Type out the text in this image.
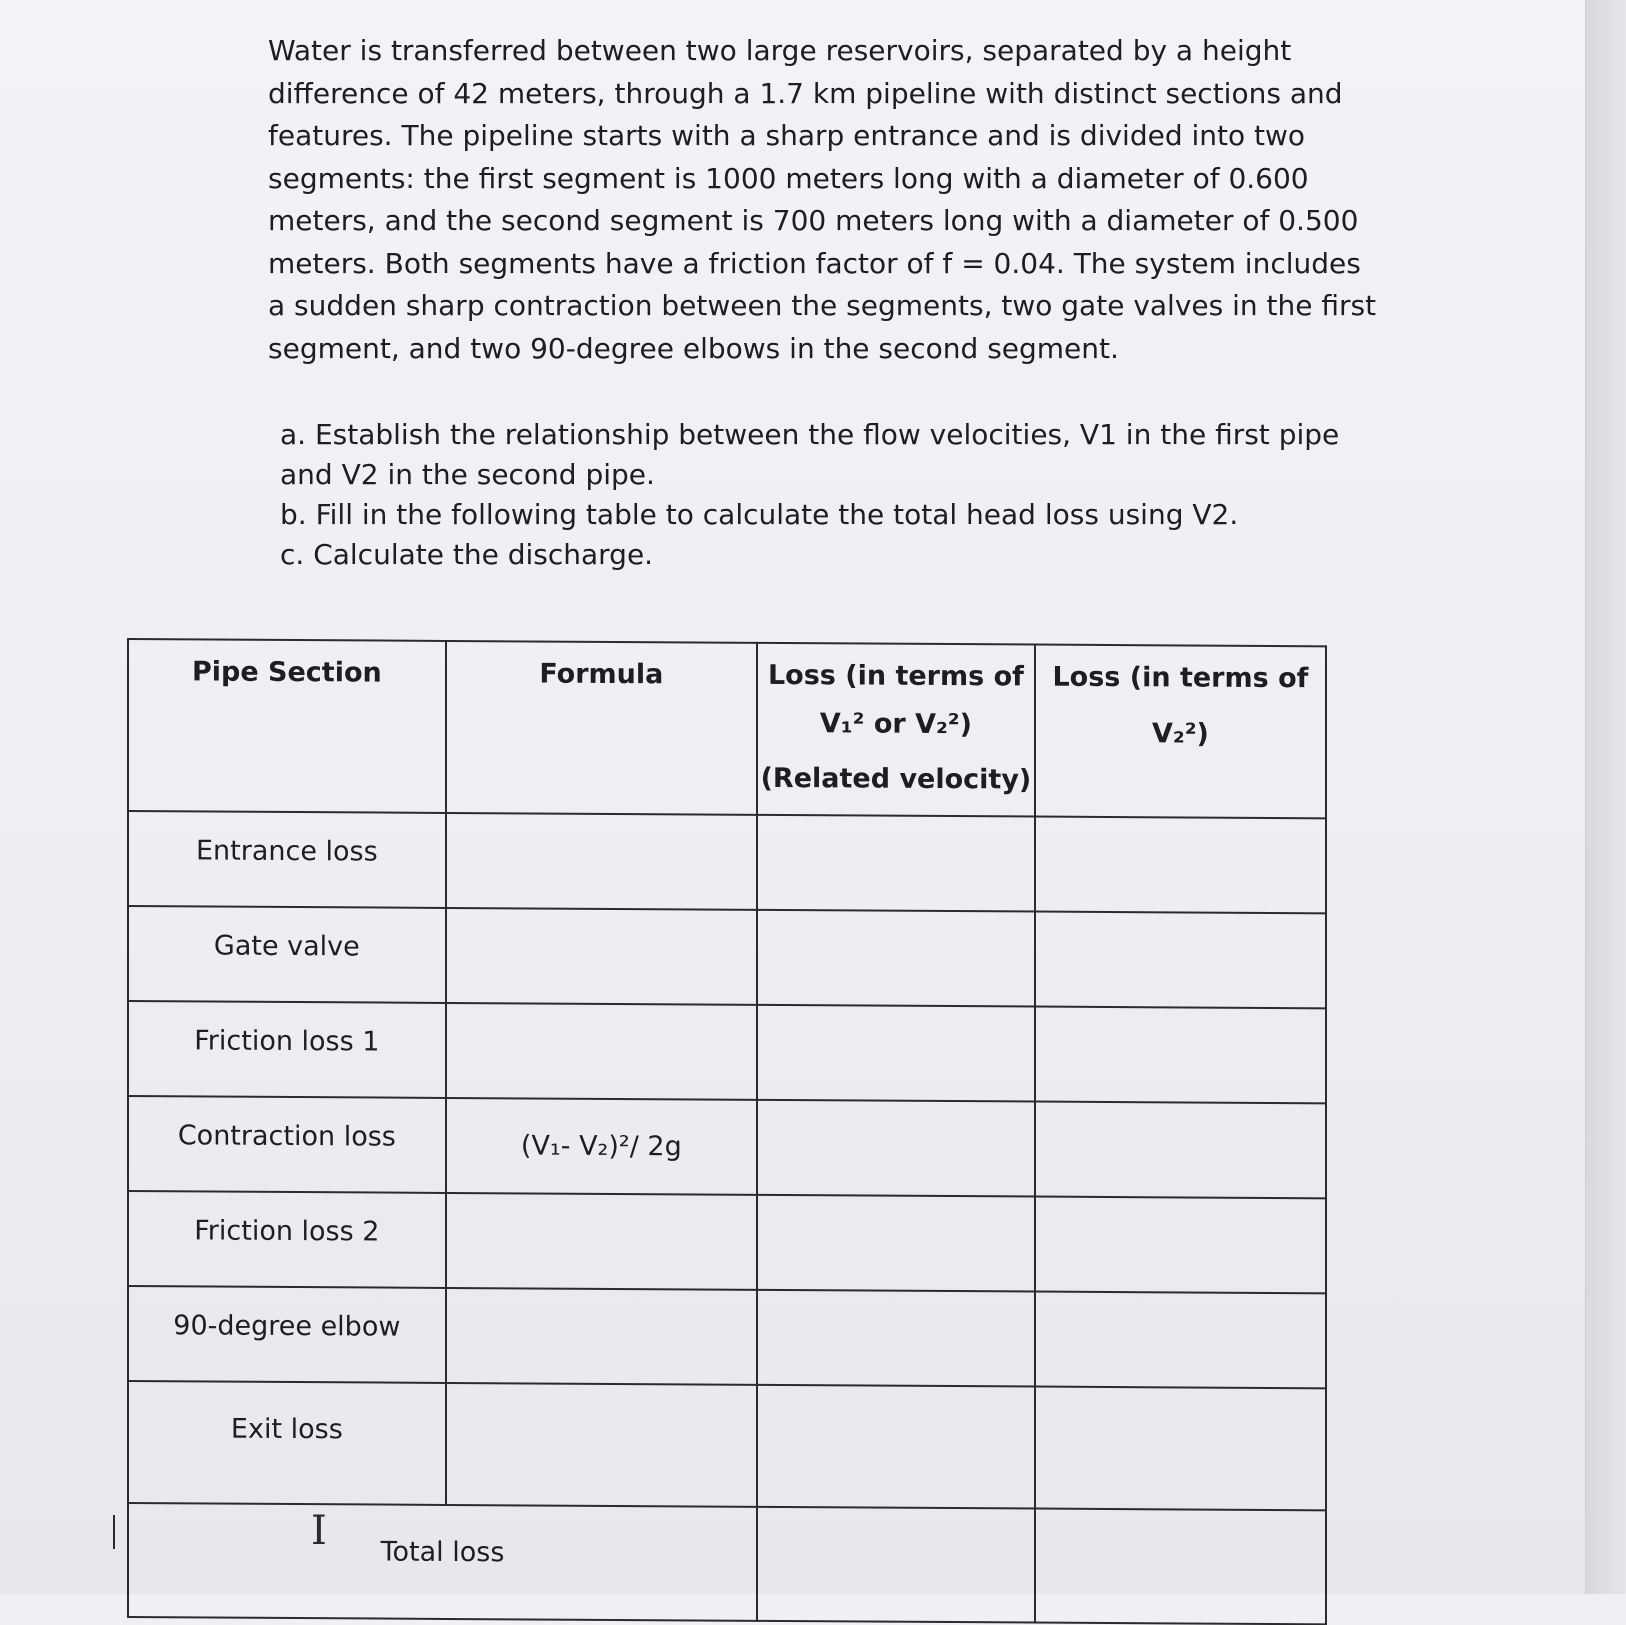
Water is transferred between two large reservoirs, separated by a height difference of 42 meters, through a 1.7 km pipeline with distinct sections and features. The pipeline starts with a sharp entrance and is divided into two segments: the first segment is 1000 meters long with a diameter of 0.600 meters, and the second segment is 700 meters long with a diameter of 0.500 meters. Both segments have a friction factor of f = 0.04. The system includes a sudden sharp contraction between the segments, two gate valves in the first segment, and two 90-degree elbows in the second segment.

a. Establish the relationship between the flow velocities, V1 in the first pipe and V2 in the second pipe.

b. Fill in the following table to calculate the total head loss using V2.

c. Calculate the discharge.

Pipe Section	Formula	Loss (in terms of
V₁² or V₂²)
(Related velocity)	Loss (in terms of V₂²)
Entrance loss			
Gate valve			
Friction loss 1			
Contraction loss	(V₁- V₂)²/ 2g		
Friction loss 2			
90-degree elbow			
Exit loss			
Total loss			
I
